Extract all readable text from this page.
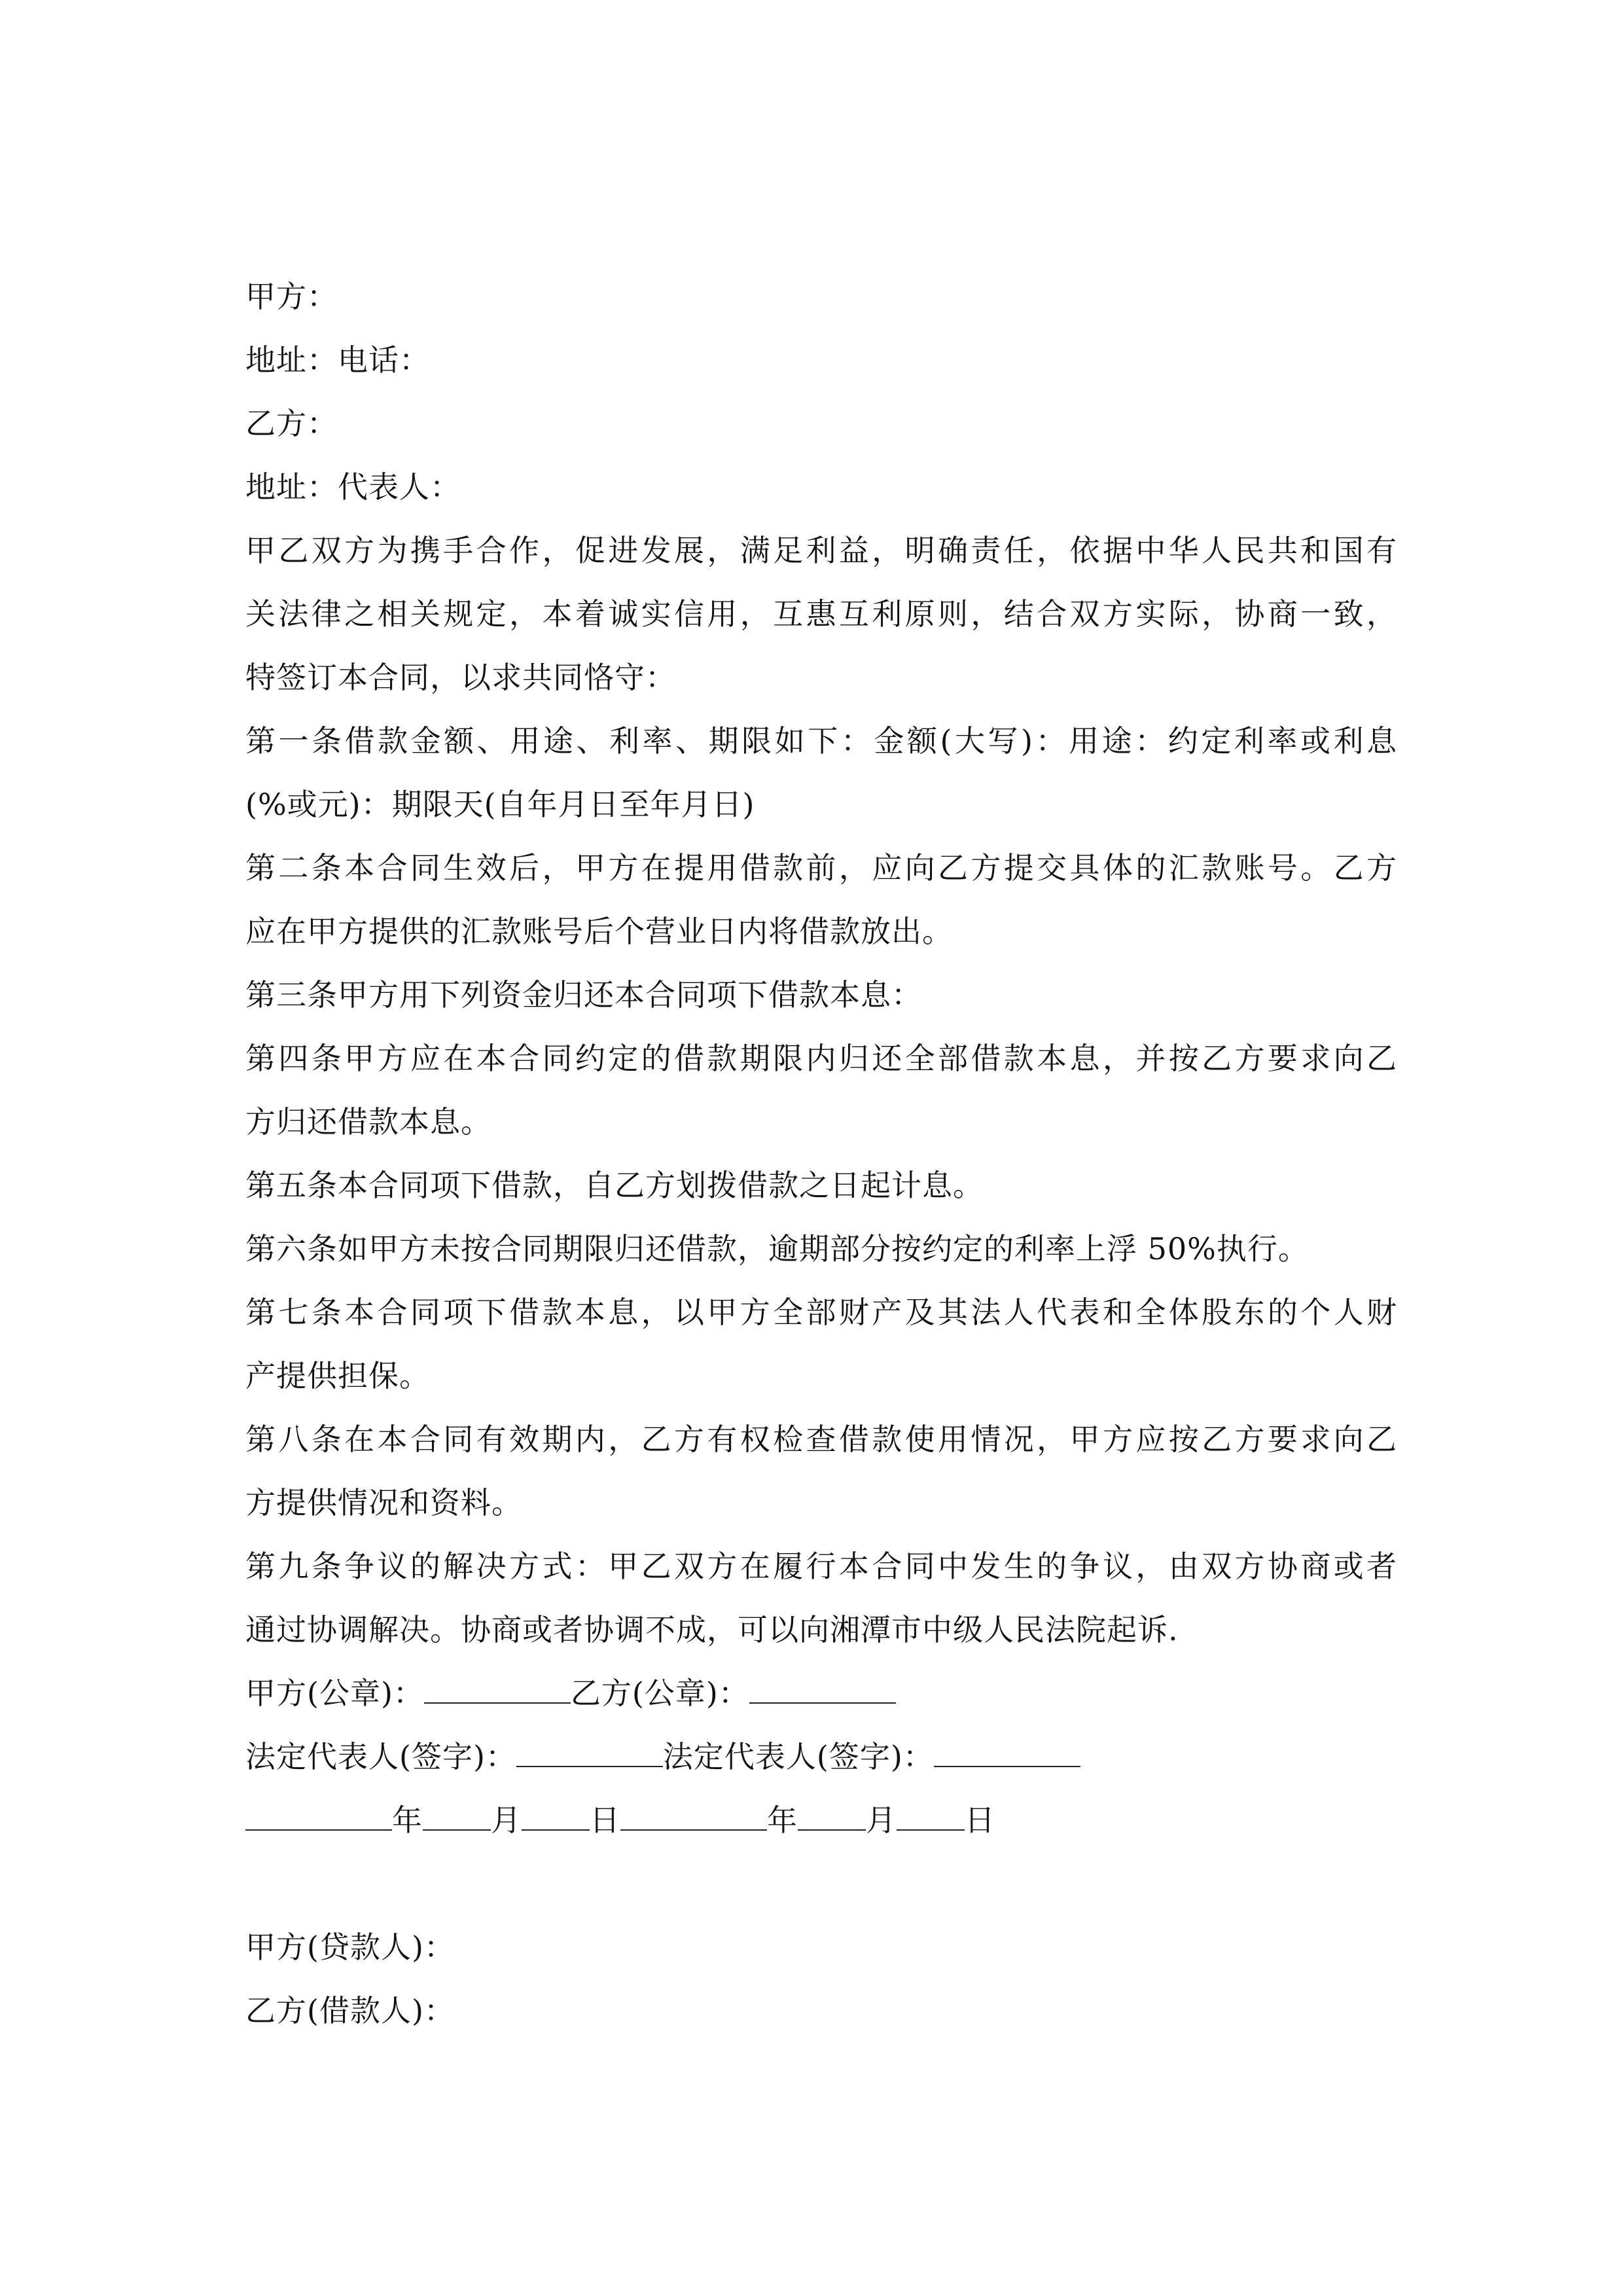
甲方：
地址：电话：
乙方：
地址：代表人：
甲乙双方为携手合作，促进发展，满足利益，明确责任，依据中华人民共和国有
关法律之相关规定，本着诚实信用，互惠互利原则，结合双方实际，协商一致，
特签订本合同，以求共同恪守：
第一条借款金额、用途、利率、期限如下：金额(大写)：用途：约定利率或利息
(%或元)：期限天(自年月日至年月日)
第二条本合同生效后，甲方在提用借款前，应向乙方提交具体的汇款账号。乙方
应在甲方提供的汇款账号后个营业日内将借款放出。
第三条甲方用下列资金归还本合同项下借款本息：
第四条甲方应在本合同约定的借款期限内归还全部借款本息，并按乙方要求向乙
方归还借款本息。
第五条本合同项下借款，自乙方划拨借款之日起计息。
第六条如甲方未按合同期限归还借款，逾期部分按约定的利率上浮 50%执行。
第七条本合同项下借款本息，以甲方全部财产及其法人代表和全体股东的个人财
产提供担保。
第八条在本合同有效期内，乙方有权检查借款使用情况，甲方应按乙方要求向乙
方提供情况和资料。
第九条争议的解决方式：甲乙双方在履行本合同中发生的争议，由双方协商或者
通过协调解决。协商或者协调不成，可以向湘潭市中级人民法院起诉.
甲方(公章)：	乙方(公章)：
法定代表人(签字)：	法定代表人(签字)：
年 月 日	年 月 日
甲方(贷款人)：
乙方(借款人)：
